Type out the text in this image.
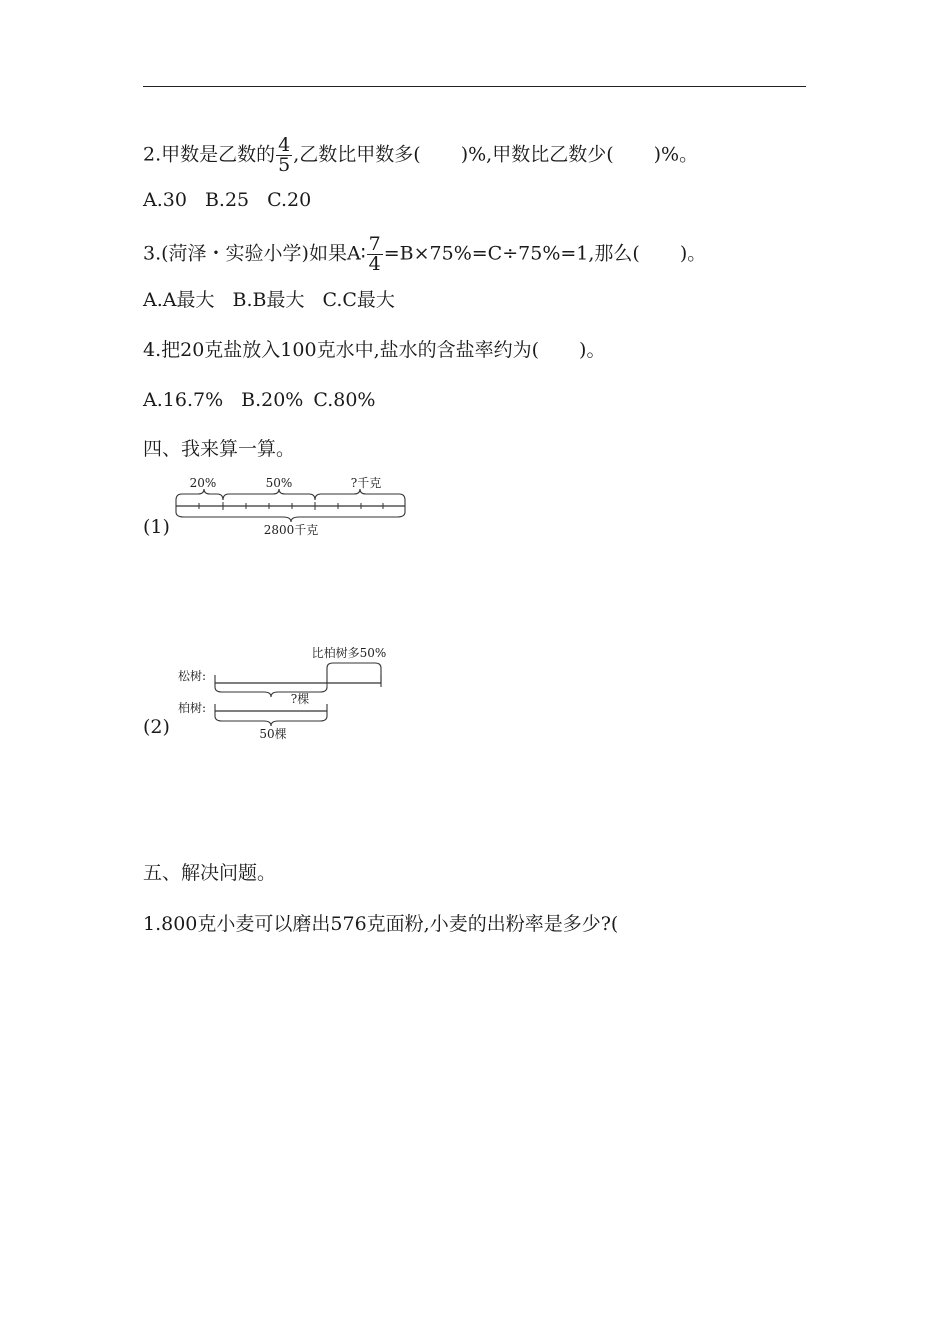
2.甲数是乙数的 $\frac{4}{5}$ ,乙数比甲数多( )%,甲数比乙数少( )%。
A.30 B.25 C.20
3.(菏泽・实验小学)如果A∶ $\frac{7}{4} =B\times 75\%=C\div 75\%=1$,那么( )。
A.A最大 B.B最大 C.C最大
4.把20克盐放入100克水中,盐水的含盐率约为( )。
A.16.7% B.20% C.80%
四、我来算一算。
(1)
20%	50%	?千克
2800千克
(2)
比柏树多50%
松树:
?棵
柏树:
50棵
五、解决问题。
1.800克小麦可以磨出576克面粉,小麦的出粉率是多少?(
